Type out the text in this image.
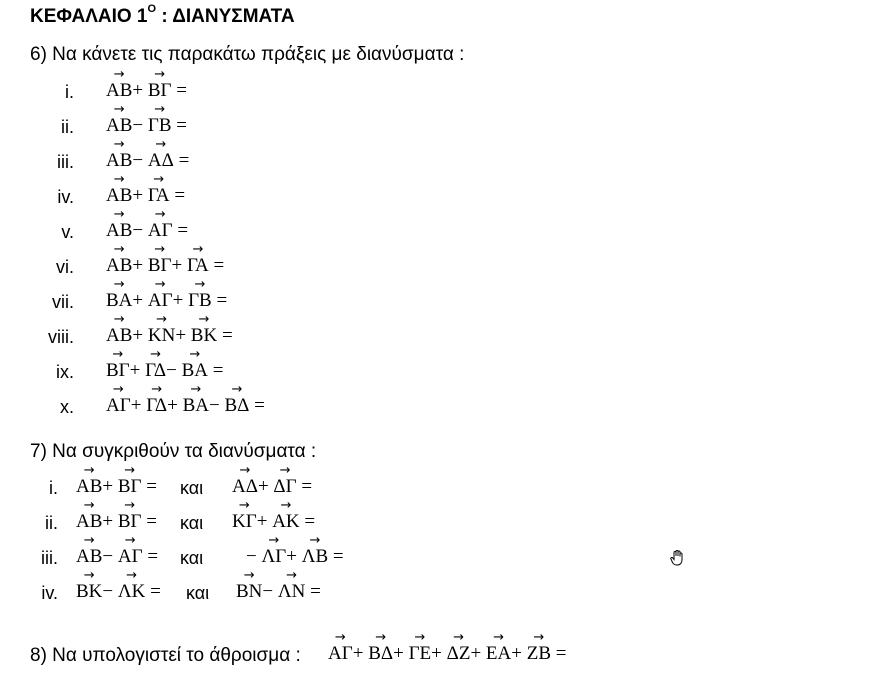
ΚΕΦΑΛΑΙΟ $1^O$ : ΔΙΑΝΥΣΜΑΤΑ
6) Να κάνετε τις παρακάτω πράξεις με διανύσματα :
i. → ΑΒ+ → ΒΓ =
ii. → ΑΒ− → ΓΒ =
iii. → ΑΒ− → ΑΔ =
iv. → ΑΒ+ → ΓΑ =
v. → ΑΒ− → ΑΓ =
vi. → ΑΒ+ → ΒΓ+ → ΓΑ =
vii. → ΒΑ+ → ΑΓ+ → ΓΒ =
viii. → ΑΒ+ → ΚΝ+ → ΒΚ =
ix. → ΒΓ+ → ΓΔ− → ΒΑ =
x. → ΑΓ+ → ΓΔ+ → ΒΑ− → ΒΔ =
7) Να συγκριθούν τα διανύσματα :
i. → ΑΒ+ → ΒΓ = και → ΑΔ+ → ΔΓ =
ii. → ΑΒ+ → ΒΓ = και → ΚΓ+ → ΑΚ =
iii. → ΑΒ− → ΑΓ = και − → ΛΓ+ → ΛΒ =
iv. → ΒΚ− → ΛΚ = και → ΒΝ− → ΛΝ =
8) Να υπολογιστεί το άθροισμα : → ΑΓ+ → ΒΔ+ → ΓΕ+ → ΔΖ+ → ΕΑ+ → ΖΒ =
